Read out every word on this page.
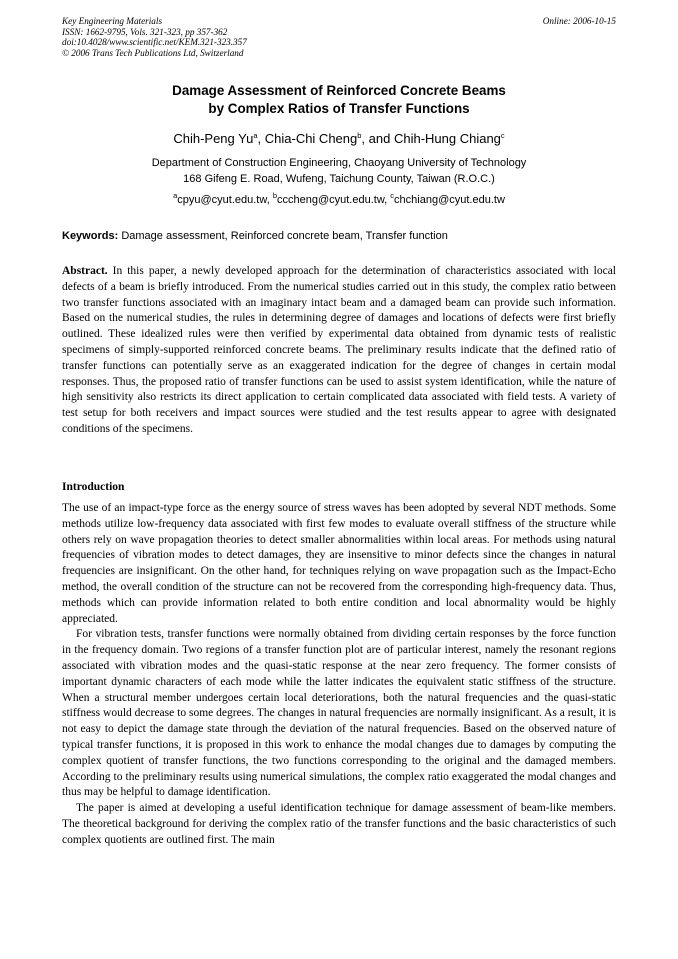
Key Engineering Materials
ISSN: 1662-9795, Vols. 321-323, pp 357-362
doi:10.4028/www.scientific.net/KEM.321-323.357
© 2006 Trans Tech Publications Ltd, Switzerland
Online: 2006-10-15
Damage Assessment of Reinforced Concrete Beams
by Complex Ratios of Transfer Functions
Chih-Peng Yu$^a$, Chia-Chi Cheng$^b$, and Chih-Hung Chiang$^c$
Department of Construction Engineering, Chaoyang University of Technology
168 Gifeng E. Road, Wufeng, Taichung County, Taiwan (R.O.C.)
$^a$cpyu@cyut.edu.tw, $^b$cccheng@cyut.edu.tw, $^c$chchiang@cyut.edu.tw
Keywords: Damage assessment, Reinforced concrete beam, Transfer function
Abstract. In this paper, a newly developed approach for the determination of characteristics associated with local defects of a beam is briefly introduced. From the numerical studies carried out in this study, the complex ratio between two transfer functions associated with an imaginary intact beam and a damaged beam can provide such information. Based on the numerical studies, the rules in determining degree of damages and locations of defects were first briefly outlined. These idealized rules were then verified by experimental data obtained from dynamic tests of realistic specimens of simply-supported reinforced concrete beams. The preliminary results indicate that the defined ratio of transfer functions can potentially serve as an exaggerated indication for the degree of changes in certain modal responses. Thus, the proposed ratio of transfer functions can be used to assist system identification, while the nature of high sensitivity also restricts its direct application to certain complicated data associated with field tests. A variety of test setup for both receivers and impact sources were studied and the test results appear to agree with designated conditions of the specimens.
Introduction

The use of an impact-type force as the energy source of stress waves has been adopted by several NDT methods. Some methods utilize low-frequency data associated with first few modes to evaluate overall stiffness of the structure while others rely on wave propagation theories to detect smaller abnormalities within local areas. For methods using natural frequencies of vibration modes to detect damages, they are insensitive to minor defects since the changes in natural frequencies are insignificant. On the other hand, for techniques relying on wave propagation such as the Impact-Echo method, the overall condition of the structure can not be recovered from the corresponding high-frequency data. Thus, methods which can provide information related to both entire condition and local abnormality would be highly appreciated.

For vibration tests, transfer functions were normally obtained from dividing certain responses by the force function in the frequency domain. Two regions of a transfer function plot are of particular interest, namely the resonant regions associated with vibration modes and the quasi-static response at the near zero frequency. The former consists of important dynamic characters of each mode while the latter indicates the equivalent static stiffness of the structure. When a structural member undergoes certain local deteriorations, both the natural frequencies and the quasi-static stiffness would decrease to some degrees. The changes in natural frequencies are normally insignificant. As a result, it is not easy to depict the damage state through the deviation of the natural frequencies. Based on the observed nature of typical transfer functions, it is proposed in this work to enhance the modal changes due to damages by computing the complex quotient of transfer functions, the two functions corresponding to the original and the damaged members. According to the preliminary results using numerical simulations, the complex ratio exaggerated the modal changes and thus may be helpful to damage identification.

The paper is aimed at developing a useful identification technique for damage assessment of beam-like members. The theoretical background for deriving the complex ratio of the transfer functions and the basic characteristics of such complex quotients are outlined first. The main
